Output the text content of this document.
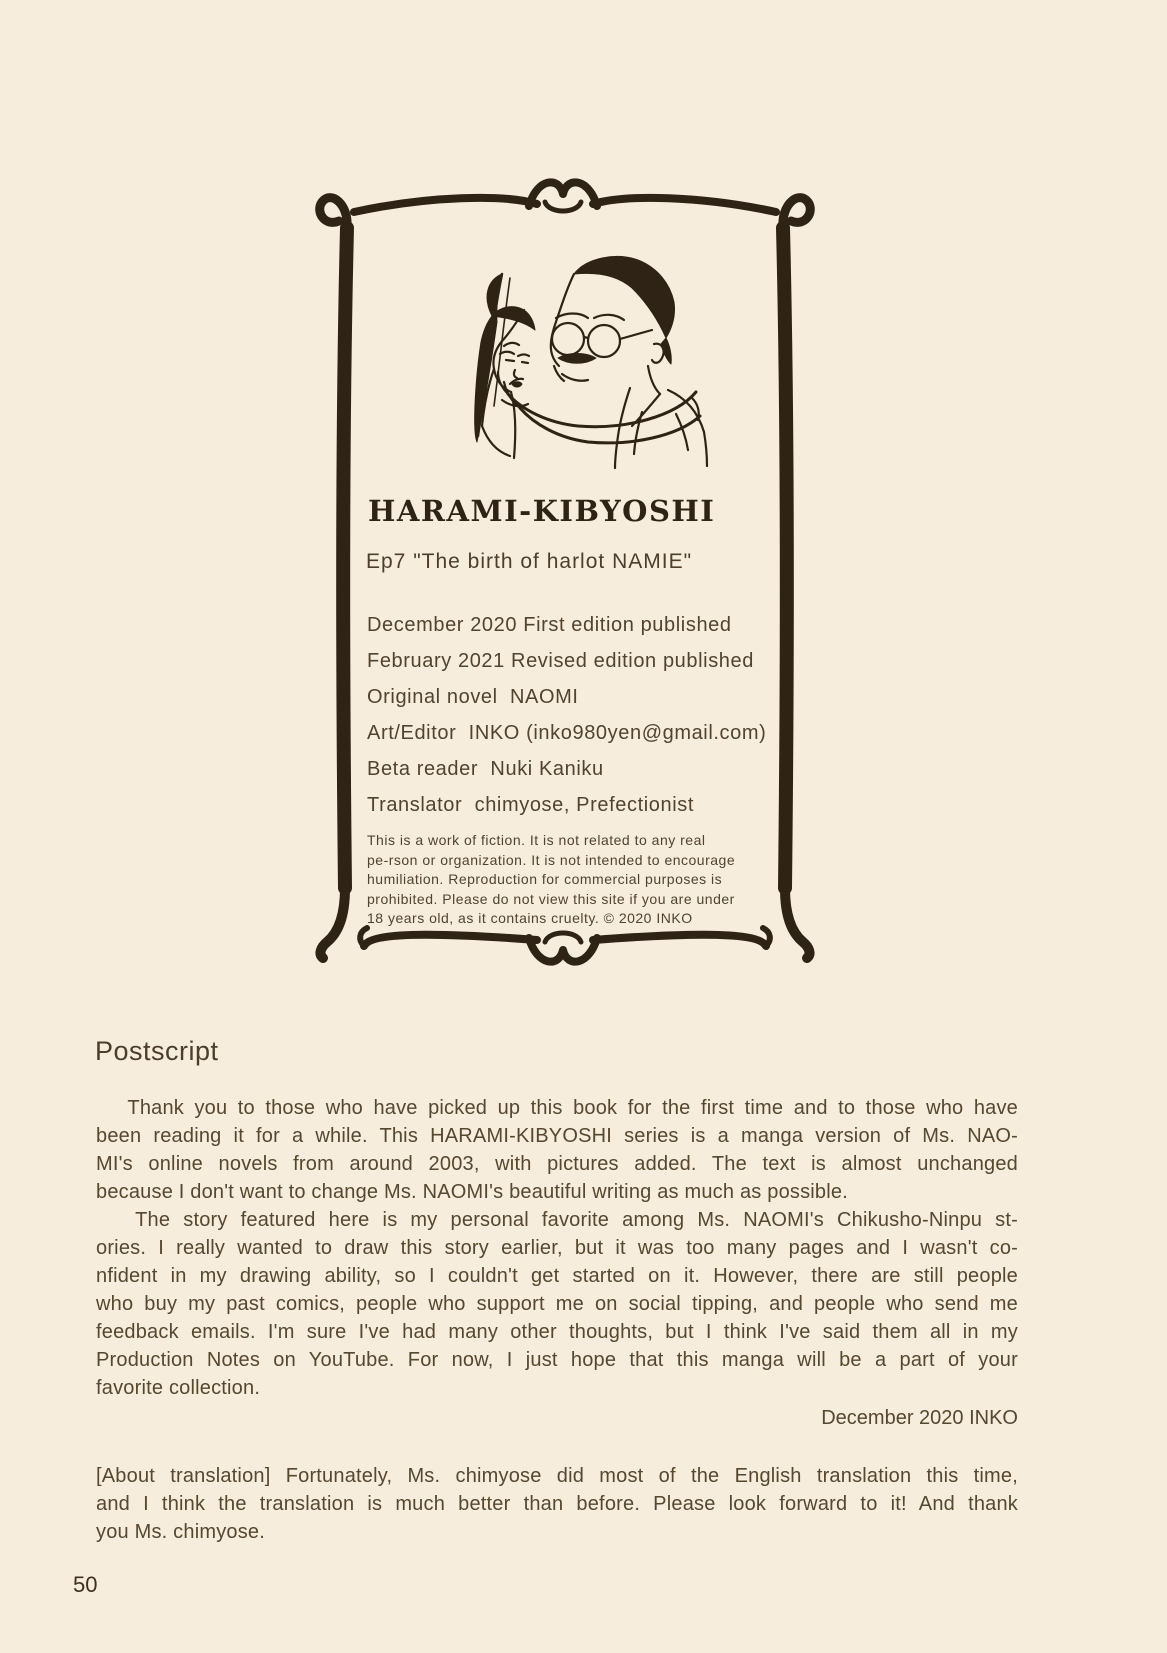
HARAMI-KIBYOSHI
Ep7 "The birth of harlot NAMIE"
December 2020 First edition published
February 2021 Revised edition published
Original novel  NAOMI
Art/Editor  INKO (inko980yen@gmail.com)
Beta reader  Nuki Kaniku
Translator  chimyose, Prefectionist
This is a work of fiction. It is not related to any real
pe-rson or organization. It is not intended to encourage
humiliation. Reproduction for commercial purposes is
prohibited. Please do not view this site if you are under
18 years old, as it contains cruelty. © 2020 INKO
Postscript
Thank you to those who have picked up this book for the first time and to those who have
been reading it for a while. This HARAMI-KIBYOSHI series is a manga version of Ms. NAO-
MI's online novels from around 2003, with pictures added. The text is almost unchanged
because I don't want to change Ms. NAOMI's beautiful writing as much as possible.
The story featured here is my personal favorite among Ms. NAOMI's Chikusho-Ninpu st-
ories. I really wanted to draw this story earlier, but it was too many pages and I wasn't co-
nfident in my drawing ability, so I couldn't get started on it. However, there are still people
who buy my past comics, people who support me on social tipping, and people who send me
feedback emails. I'm sure I've had many other thoughts, but I think I've said them all in my
Production Notes on YouTube. For now, I just hope that this manga will be a part of your
favorite collection.
December 2020 INKO
[About translation] Fortunately, Ms. chimyose did most of the English translation this time,
and I think the translation is much better than before. Please look forward to it! And thank
you Ms. chimyose.
50
